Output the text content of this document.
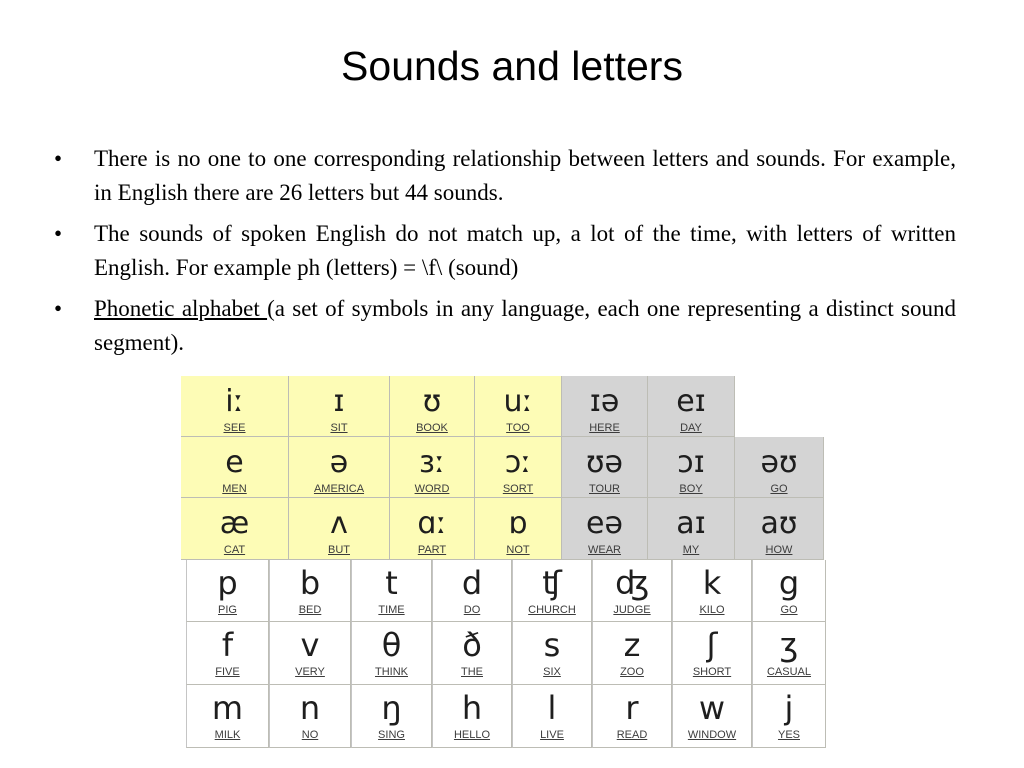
Sounds and letters
• There is no one to one corresponding relationship between letters and sounds. For example, in English there are 26 letters but 44 sounds.
• The sounds of spoken English do not match up, a lot of the time, with letters of written English. For example ph (letters) = \f\ (sound)
• Phonetic alphabet (a set of symbols in any language, each one representing a distinct sound segment).
iː
SEE
ɪ
SIT
ʊ
BOOK
uː
TOO
e
MEN
ə
AMERICA
ɜː
WORD
ɔː
SORT
æ
CAT
ʌ
BUT
ɑː
PART
ɒ
NOT
ɪə
HERE
eɪ
DAY
ʊə
TOUR
ɔɪ
BOY
əʊ
GO
eə
WEAR
aɪ
MY
aʊ
HOW
p
PIG
b
BED
t
TIME
d
DO
ʧ
CHURCH
ʤ
JUDGE
k
KILO
g
GO
f
FIVE
v
VERY
θ
THINK
ð
THE
s
SIX
z
ZOO
ʃ
SHORT
ʒ
CASUAL
m
MILK
n
NO
ŋ
SING
h
HELLO
l
LIVE
r
READ
w
WINDOW
j
YES
